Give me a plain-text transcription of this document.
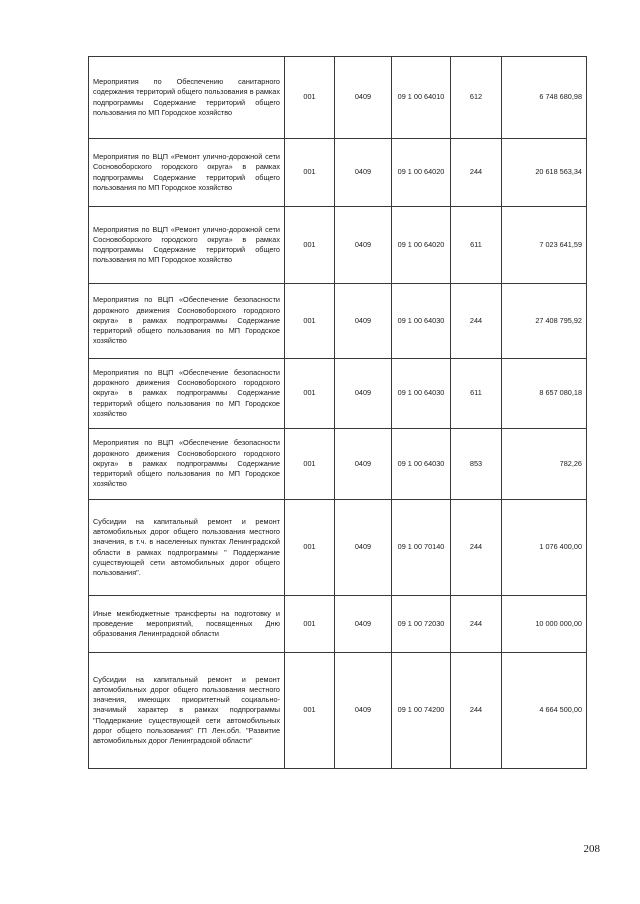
Мероприятия по Обеспечению санитарного содержания территорий общего пользования в рамках подпрограммы Содержание территорий общего пользования по МП Городское хозяйство	001	0409	09 1 00 64010	612	6 748 680,98
Мероприятия по ВЦП «Ремонт улично-дорожной сети Сосновоборского городского округа» в рамках подпрограммы Содержание территорий общего пользования по МП Городское хозяйство	001	0409	09 1 00 64020	244	20 618 563,34
Мероприятия по ВЦП «Ремонт улично-дорожной сети Сосновоборского городского округа» в рамках подпрограммы Содержание территорий общего пользования по МП Городское хозяйство	001	0409	09 1 00 64020	611	7 023 641,59
Мероприятия по ВЦП «Обеспечение безопасности дорожного движения Сосновоборского городского округа» в рамках подпрограммы Содержание территорий общего пользования по МП Городское хозяйство	001	0409	09 1 00 64030	244	27 408 795,92
Мероприятия по ВЦП «Обеспечение безопасности дорожного движения Сосновоборского городского округа» в рамках подпрограммы Содержание территорий общего пользования по МП Городское хозяйство	001	0409	09 1 00 64030	611	8 657 080,18
Мероприятия по ВЦП «Обеспечение безопасности дорожного движения Сосновоборского городского округа» в рамках подпрограммы Содержание территорий общего пользования по МП Городское хозяйство	001	0409	09 1 00 64030	853	782,26
Субсидии на капитальный ремонт и ремонт автомобильных дорог общего пользования местного значения, в т.ч. в населенных пунктах Ленинградской области в рамках подпрограммы " Поддержание существующей сети автомобильных дорог общего пользования".	001	0409	09 1 00 70140	244	1 076 400,00
Иные межбюджетные трансферты на подготовку и проведение мероприятий, посвященных Дню образования Ленинградской области	001	0409	09 1 00 72030	244	10 000 000,00
Субсидии на капитальный ремонт и ремонт автомобильных дорог общего пользования местного значения, имеющих приоритетный социально-значимый характер в рамках подпрограммы "Поддержание существующей сети автомобильных дорог общего пользования" ГП Лен.обл. "Развитие автомобильных дорог Ленинградской области"	001	0409	09 1 00 74200	244	4 664 500,00
208
